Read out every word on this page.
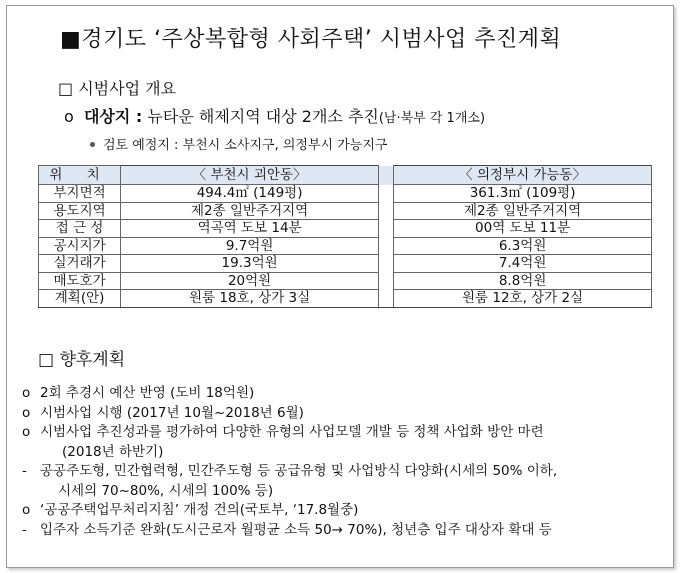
■경기도 ‘주상복합형 사회주택’ 시범사업 추진계획
□ 시범사업 개요
o 대상지 : 뉴타운 해제지역 대상 2개소 추진(남·북부 각 1개소)
검토 예정지 : 부천시 소사지구, 의정부시 가능지구
위 치	〈 부천시 괴안동〉		〈 의정부시 가능동〉
부지면적	494.4㎡ (149평)		361.3㎡ (109평)
용도지역	제2종 일반주거지역		제2종 일반주거지역
접 근 성	역곡역 도보 14분		00역 도보 11분
공시지가	9.7억원		6.3억원
실거래가	19.3억원		7.4억원
매도호가	20억원		8.8억원
계획(안)	원룸 18호, 상가 3실		원룸 12호, 상가 2실
□ 향후계획
o 2회 추경시 예산 반영 (도비 18억원)
o 시범사업 시행 (2017년 10월~2018년 6월)
o 시범사업 추진성과를 평가하여 다양한 유형의 사업모델 개발 등 정책 사업화 방안 마련
(2018년 하반기)
- 공공주도형, 민간협력형, 민간주도형 등 공급유형 및 사업방식 다양화(시세의 50% 이하,
시세의 70~80%, 시세의 100% 등)
o ‘공공주택업무처리지침’ 개정 건의(국토부, ‘17.8월중)
- 입주자 소득기준 완화(도시근로자 월평균 소득 50→ 70%), 청년층 입주 대상자 확대 등
